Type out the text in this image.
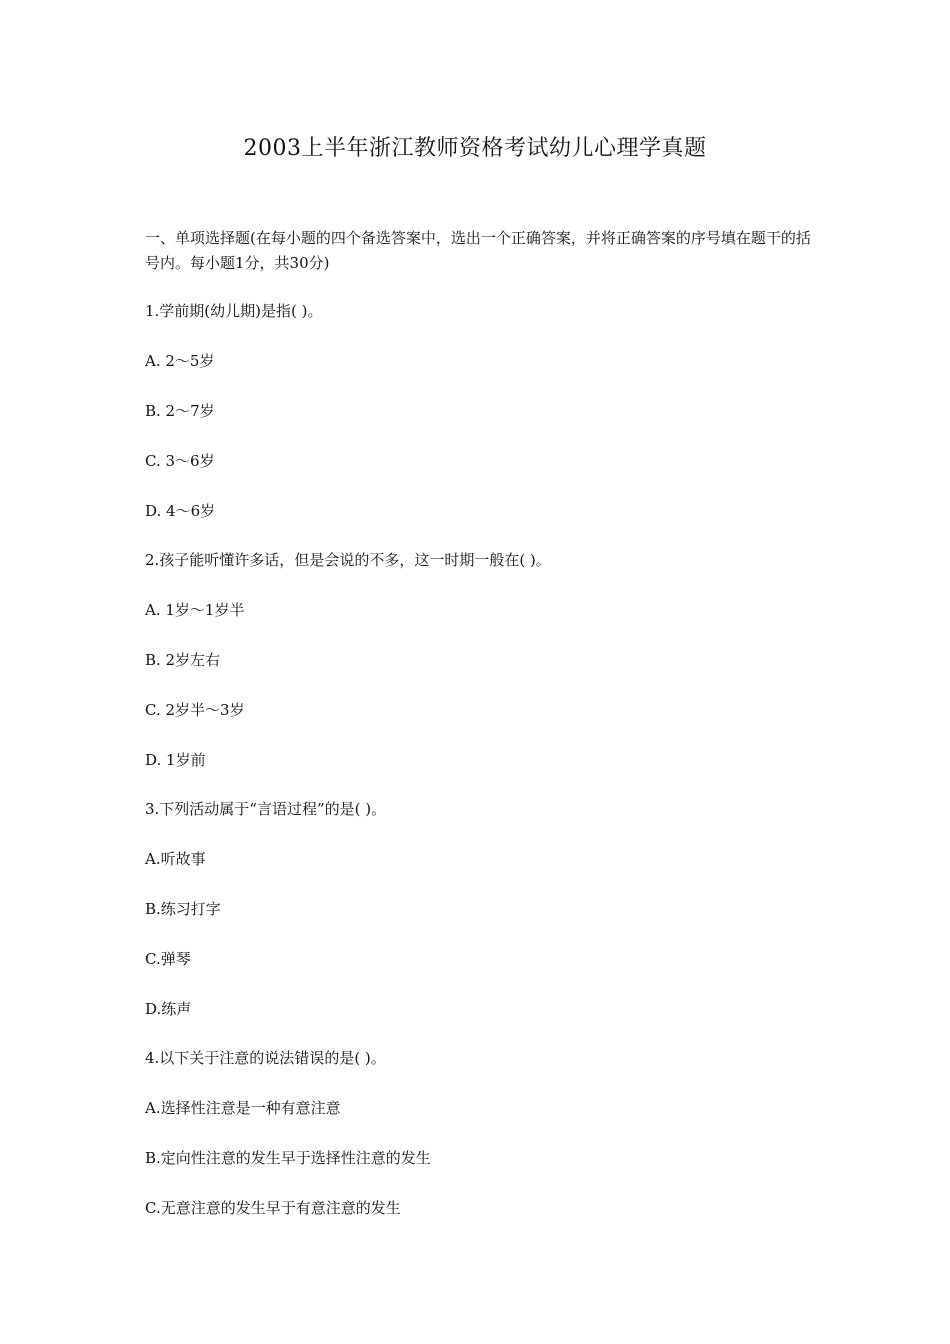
2003上半年浙江教师资格考试幼儿心理学真题
一、单项选择题(在每小题的四个备选答案中，选出一个正确答案，并将正确答案的序号填在题干的括号内。每小题1分，共30分)
1.学前期(幼儿期)是指( )。
A. 2～5岁
B. 2～7岁
C. 3～6岁
D. 4～6岁
2.孩子能听懂许多话，但是会说的不多，这一时期一般在( )。
A. 1岁～1岁半
B. 2岁左右
C. 2岁半～3岁
D. 1岁前
3.下列活动属于“言语过程”的是( )。
A.听故事
B.练习打字
C.弹琴
D.练声
4.以下关于注意的说法错误的是( )。
A.选择性注意是一种有意注意
B.定向性注意的发生早于选择性注意的发生
C.无意注意的发生早于有意注意的发生
